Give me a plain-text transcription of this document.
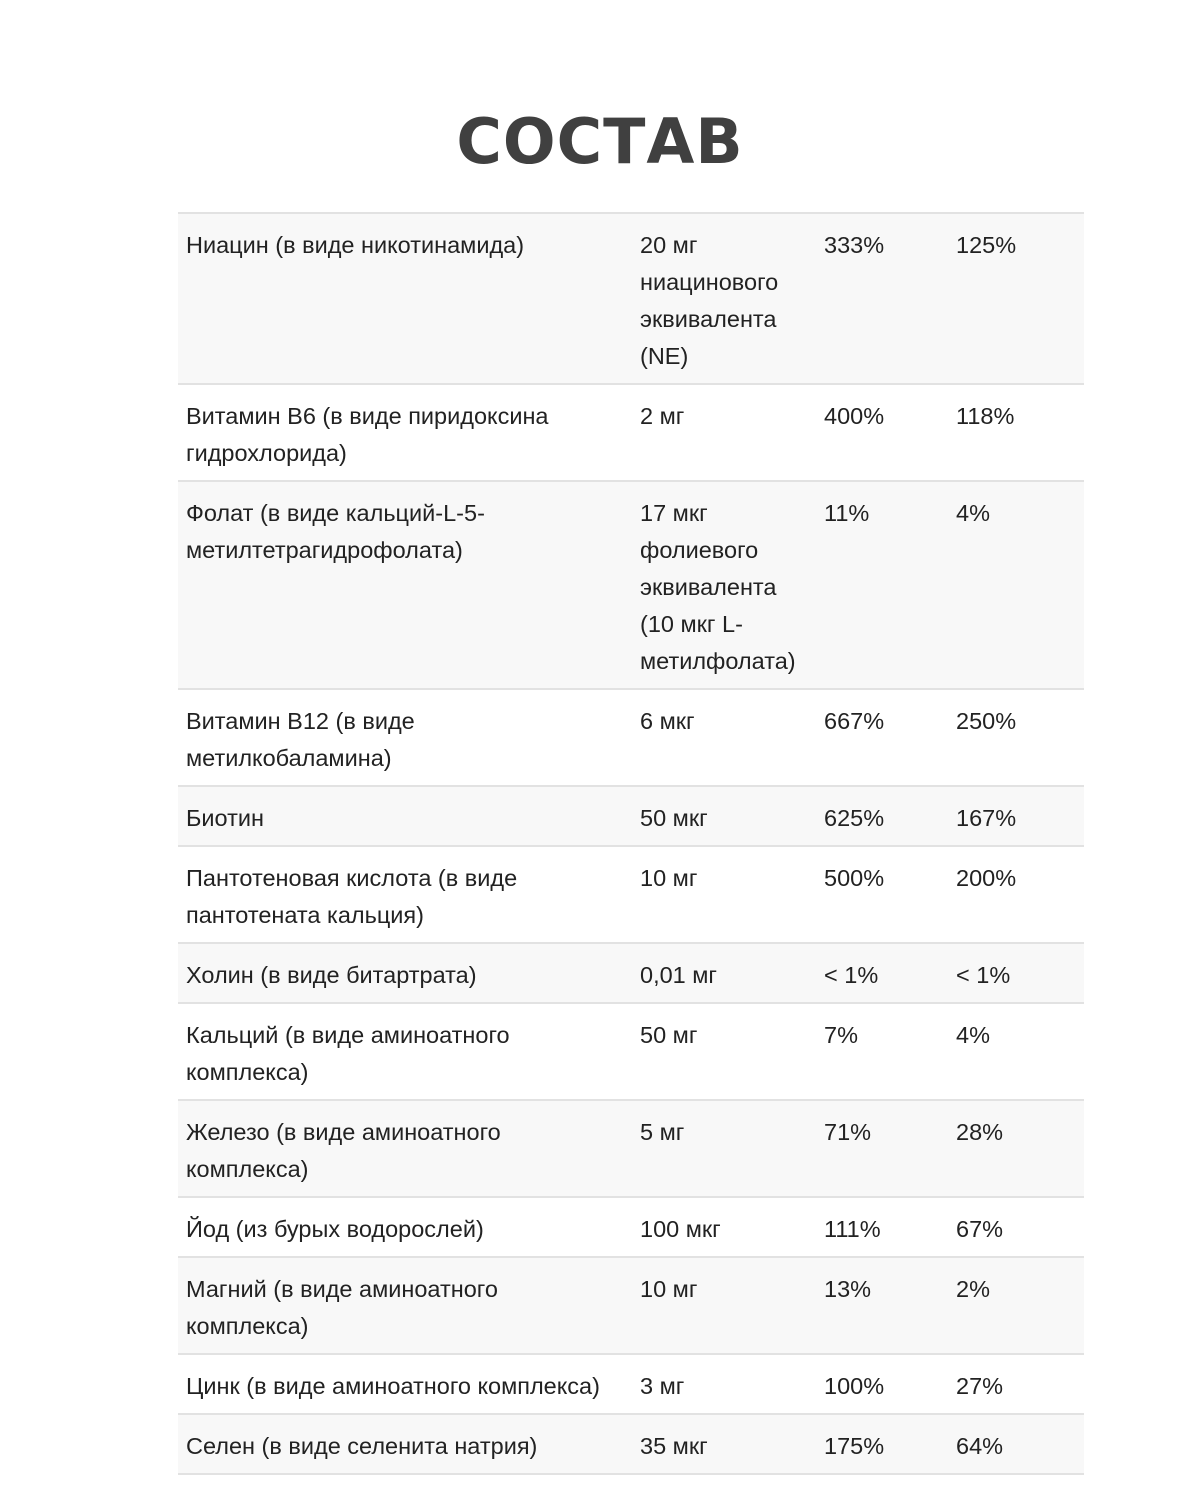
СОСТАВ
Ниацин (в виде никотинамида)	20 мг ниацинового эквивалента (NE)	333%	125%
Витамин B6 (в виде пиридоксина гидрохлорида)	2 мг	400%	118%
Фолат (в виде кальций-L-5-метилтетрагидрофолата)	17 мкг фолиевого эквивалента (10 мкг L-метилфолата)	11%	4%
Витамин B12 (в виде метилкобаламина)	6 мкг	667%	250%
Биотин	50 мкг	625%	167%
Пантотеновая кислота (в виде пантотената кальция)	10 мг	500%	200%
Холин (в виде битартрата)	0,01 мг	< 1%	< 1%
Кальций (в виде аминоатного комплекса)	50 мг	7%	4%
Железо (в виде аминоатного комплекса)	5 мг	71%	28%
Йод (из бурых водорослей)	100 мкг	111%	67%
Магний (в виде аминоатного комплекса)	10 мг	13%	2%
Цинк (в виде аминоатного комплекса)	3 мг	100%	27%
Селен (в виде селенита натрия)	35 мкг	175%	64%
